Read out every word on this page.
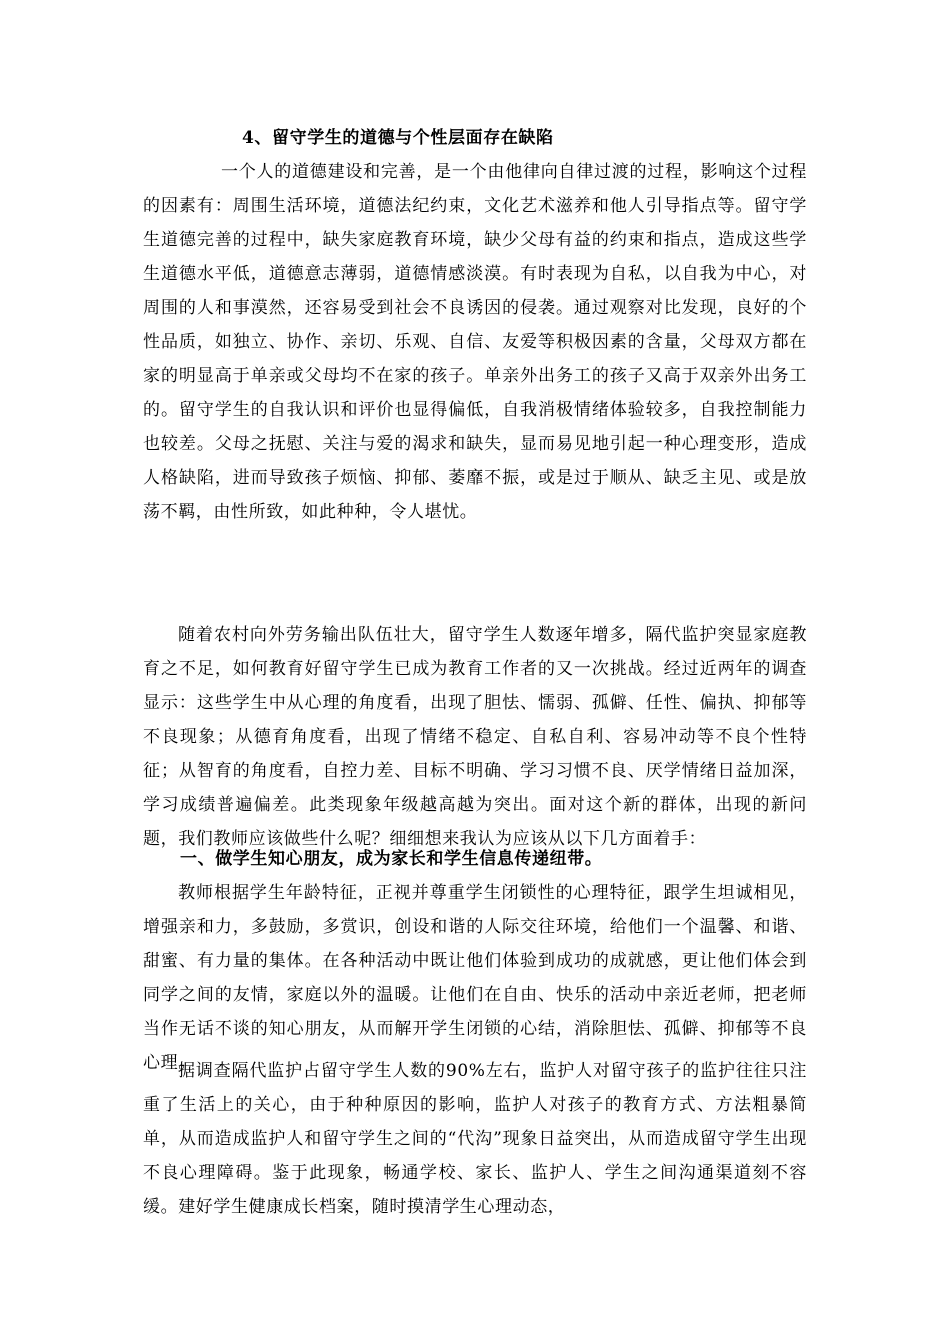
4、留守学生的道德与个性层面存在缺陷

一个人的道德建设和完善，是一个由他律向自律过渡的过程，影响这个过程的因素有：周围生活环境，道德法纪约束，文化艺术滋养和他人引导指点等。留守学生道德完善的过程中，缺失家庭教育环境，缺少父母有益的约束和指点，造成这些学生道德水平低，道德意志薄弱，道德情感淡漠。有时表现为自私，以自我为中心，对周围的人和事漠然，还容易受到社会不良诱因的侵袭。通过观察对比发现，良好的个性品质，如独立、协作、亲切、乐观、自信、友爱等积极因素的含量，父母双方都在家的明显高于单亲或父母均不在家的孩子。单亲外出务工的孩子又高于双亲外出务工的。留守学生的自我认识和评价也显得偏低，自我消极情绪体验较多，自我控制能力也较差。父母之抚慰、关注与爱的渴求和缺失，显而易见地引起一种心理变形，造成人格缺陷，进而导致孩子烦恼、抑郁、萎靡不振，或是过于顺从、缺乏主见、或是放荡不羁，由性所致，如此种种，令人堪忧。

随着农村向外劳务输出队伍壮大，留守学生人数逐年增多，隔代监护突显家庭教育之不足，如何教育好留守学生已成为教育工作者的又一次挑战。经过近两年的调查显示：这些学生中从心理的角度看，出现了胆怯、懦弱、孤僻、任性、偏执、抑郁等不良现象；从德育角度看，出现了情绪不稳定、自私自利、容易冲动等不良个性特征；从智育的角度看，自控力差、目标不明确、学习习惯不良、厌学情绪日益加深，学习成绩普遍偏差。此类现象年级越高越为突出。面对这个新的群体，出现的新问题，我们教师应该做些什么呢？细细想来我认为应该从以下几方面着手：

一、做学生知心朋友，成为家长和学生信息传递纽带。

教师根据学生年龄特征，正视并尊重学生闭锁性的心理特征，跟学生坦诚相见，增强亲和力，多鼓励，多赏识，创设和谐的人际交往环境，给他们一个温馨、和谐、甜蜜、有力量的集体。在各种活动中既让他们体验到成功的成就感，更让他们体会到同学之间的友情，家庭以外的温暖。让他们在自由、快乐的活动中亲近老师，把老师当作无话不谈的知心朋友，从而解开学生闭锁的心结，消除胆怯、孤僻、抑郁等不良心理。

据调查隔代监护占留守学生人数的90%左右，监护人对留守孩子的监护往往只注重了生活上的关心，由于种种原因的影响，监护人对孩子的教育方式、方法粗暴简单，从而造成监护人和留守学生之间的“代沟”现象日益突出，从而造成留守学生出现不良心理障碍。鉴于此现象，畅通学校、家长、监护人、学生之间沟通渠道刻不容缓。建好学生健康成长档案，随时摸清学生心理动态，
